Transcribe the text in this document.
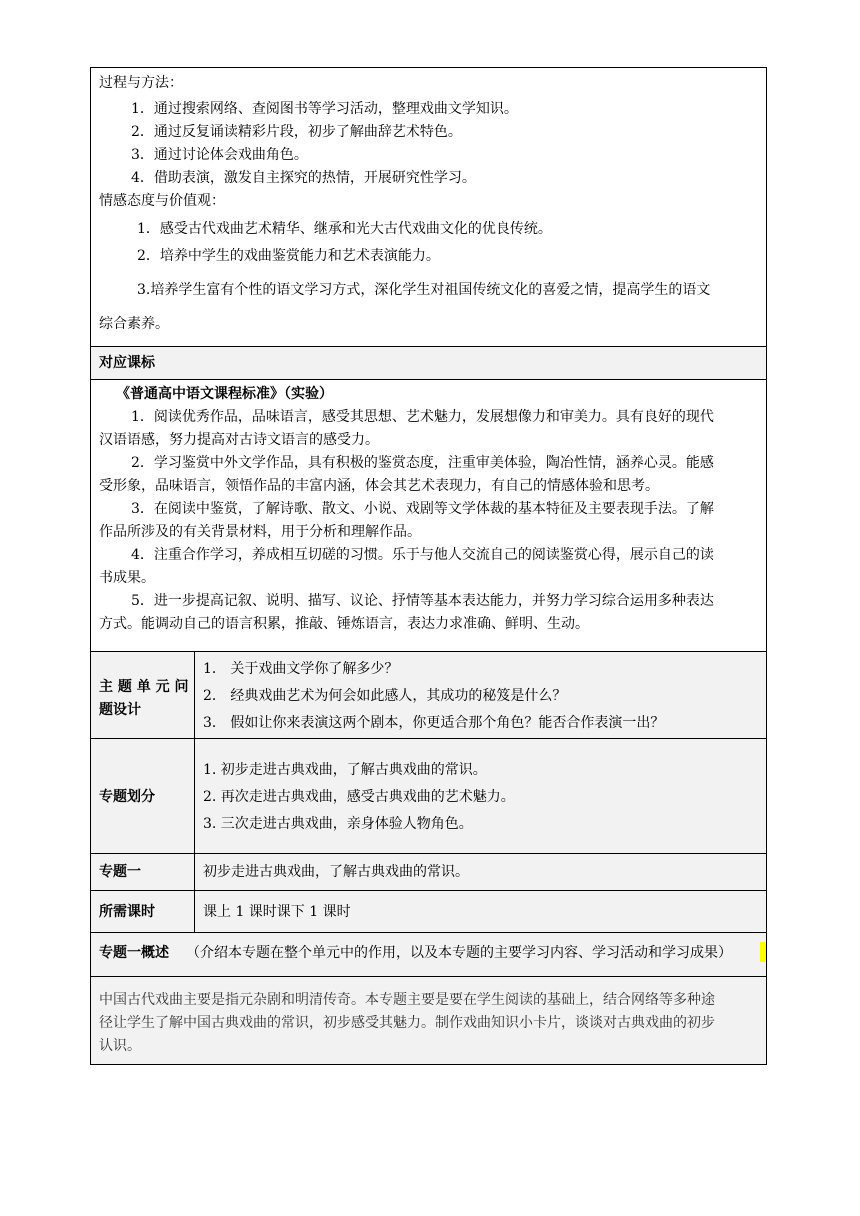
过程与方法：
1．通过搜索网络、查阅图书等学习活动，整理戏曲文学知识。
2．通过反复诵读精彩片段，初步了解曲辞艺术特色。
3．通过讨论体会戏曲角色。
4．借助表演，激发自主探究的热情，开展研究性学习。
情感态度与价值观：
1．感受古代戏曲艺术精华、继承和光大古代戏曲文化的优良传统。
2．培养中学生的戏曲鉴赏能力和艺术表演能力。
3.培养学生富有个性的语文学习方式，深化学生对祖国传统文化的喜爱之情，提高学生的语文
综合素养。
对应课标
《普通高中语文课程标准》（实验）
1．阅读优秀作品，品味语言，感受其思想、艺术魅力，发展想像力和审美力。具有良好的现代
汉语语感，努力提高对古诗文语言的感受力。
2．学习鉴赏中外文学作品，具有积极的鉴赏态度，注重审美体验，陶冶性情，涵养心灵。能感
受形象，品味语言，领悟作品的丰富内涵，体会其艺术表现力，有自己的情感体验和思考。
3．在阅读中鉴赏，了解诗歌、散文、小说、戏剧等文学体裁的基本特征及主要表现手法。了解
作品所涉及的有关背景材料，用于分析和理解作品。
4．注重合作学习，养成相互切磋的习惯。乐于与他人交流自己的阅读鉴赏心得，展示自己的读
书成果。
5．进一步提高记叙、说明、描写、议论、抒情等基本表达能力，并努力学习综合运用多种表达
方式。能调动自己的语言积累，推敲、锤炼语言，表达力求准确、鲜明、生动。
主 题 单 元 问
题设计
1． 关于戏曲文学你了解多少？
2． 经典戏曲艺术为何会如此感人，其成功的秘笈是什么？
3． 假如让你来表演这两个剧本，你更适合那个角色？能否合作表演一出？
专题划分
1. 初步走进古典戏曲，了解古典戏曲的常识。
2. 再次走进古典戏曲，感受古典戏曲的艺术魅力。
3. 三次走进古典戏曲，亲身体验人物角色。
专题一	初步走进古典戏曲，了解古典戏曲的常识。
所需课时	课上 1 课时课下 1 课时
专题一概述 （介绍本专题在整个单元中的作用，以及本专题的主要学习内容、学习活动和学习成果）
中国古代戏曲主要是指元杂剧和明清传奇。本专题主要是要在学生阅读的基础上，结合网络等多种途
径让学生了解中国古典戏曲的常识，初步感受其魅力。制作戏曲知识小卡片，谈谈对古典戏曲的初步
认识。
